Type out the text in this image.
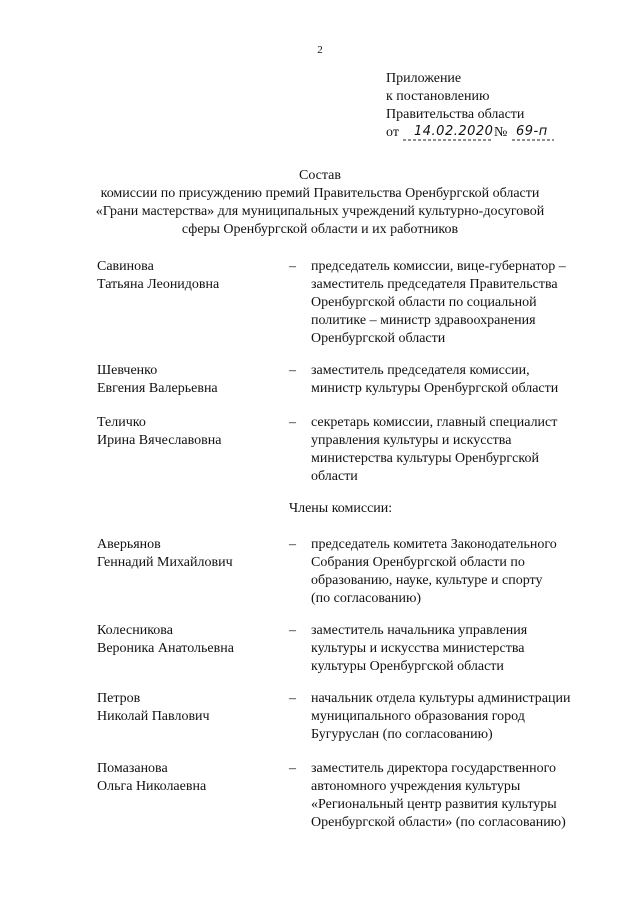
2
Приложение
к постановлению
Правительства области
от 14.02.2020 № 69-п
Состав
комиссии по присуждению премий Правительства Оренбургской области
«Грани мастерства» для муниципальных учреждений культурно-досуговой
сферы Оренбургской области и их работников
Савинова
Татьяна Леонидовна
– председатель комиссии, вице-губернатор –
заместитель председателя Правительства
Оренбургской области по социальной
политике – министр здравоохранения
Оренбургской области
Шевченко
Евгения Валерьевна
– заместитель председателя комиссии,
министр культуры Оренбургской области
Теличко
Ирина Вячеславовна
– секретарь комиссии, главный специалист
управления культуры и искусства
министерства культуры Оренбургской
области
Члены комиссии:
Аверьянов
Геннадий Михайлович
– председатель комитета Законодательного
Собрания Оренбургской области по
образованию, науке, культуре и спорту
(по согласованию)
Колесникова
Вероника Анатольевна
– заместитель начальника управления
культуры и искусства министерства
культуры Оренбургской области
Петров
Николай Павлович
– начальник отдела культуры администрации
муниципального образования город
Бугуруслан (по согласованию)
Помазанова
Ольга Николаевна
– заместитель директора государственного
автономного учреждения культуры
«Региональный центр развития культуры
Оренбургской области» (по согласованию)
